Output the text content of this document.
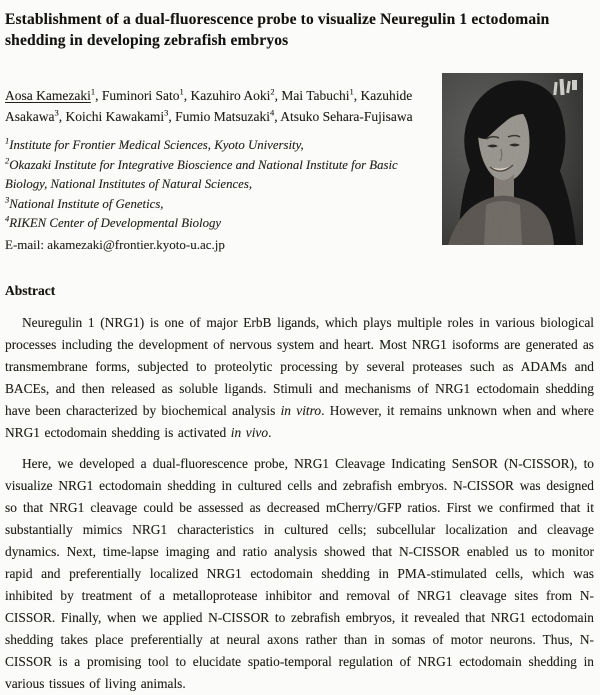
Establishment of a dual-fluorescence probe to visualize Neuregulin 1 ectodomain shedding in developing zebrafish embryos

Aosa Kamezaki$^1$, Fuminori Sato$^1$, Kazuhiro Aoki$^2$, Mai Tabuchi$^1$, Kazuhide Asakawa$^3$, Koichi Kawakami$^3$, Fumio Matsuzaki$^4$, Atsuko Sehara-Fujisawa

$^1$Institute for Frontier Medical Sciences, Kyoto University,
$^2$Okazaki Institute for Integrative Bioscience and National Institute for Basic Biology, National Institutes of Natural Sciences,
$^3$National Institute of Genetics,
$^4$RIKEN Center of Developmental Biology

E-mail: akamezaki@frontier.kyoto-u.ac.jp

Abstract

Neuregulin 1 (NRG1) is one of major ErbB ligands, which plays multiple roles in various biological processes including the development of nervous system and heart. Most NRG1 isoforms are generated as transmembrane forms, subjected to proteolytic processing by several proteases such as ADAMs and BACEs, and then released as soluble ligands. Stimuli and mechanisms of NRG1 ectodomain shedding have been characterized by biochemical analysis in vitro. However, it remains unknown when and where NRG1 ectodomain shedding is activated in vivo.

Here, we developed a dual-fluorescence probe, NRG1 Cleavage Indicating SenSOR (N-CISSOR), to visualize NRG1 ectodomain shedding in cultured cells and zebrafish embryos. N-CISSOR was designed so that NRG1 cleavage could be assessed as decreased mCherry/GFP ratios. First we confirmed that it substantially mimics NRG1 characteristics in cultured cells; subcellular localization and cleavage dynamics. Next, time-lapse imaging and ratio analysis showed that N-CISSOR enabled us to monitor rapid and preferentially localized NRG1 ectodomain shedding in PMA-stimulated cells, which was inhibited by treatment of a metalloprotease inhibitor and removal of NRG1 cleavage sites from N-CISSOR. Finally, when we applied N-CISSOR to zebrafish embryos, it revealed that NRG1 ectodomain shedding takes place preferentially at neural axons rather than in somas of motor neurons. Thus, N-CISSOR is a promising tool to elucidate spatio-temporal regulation of NRG1 ectodomain shedding in various tissues of living animals.
